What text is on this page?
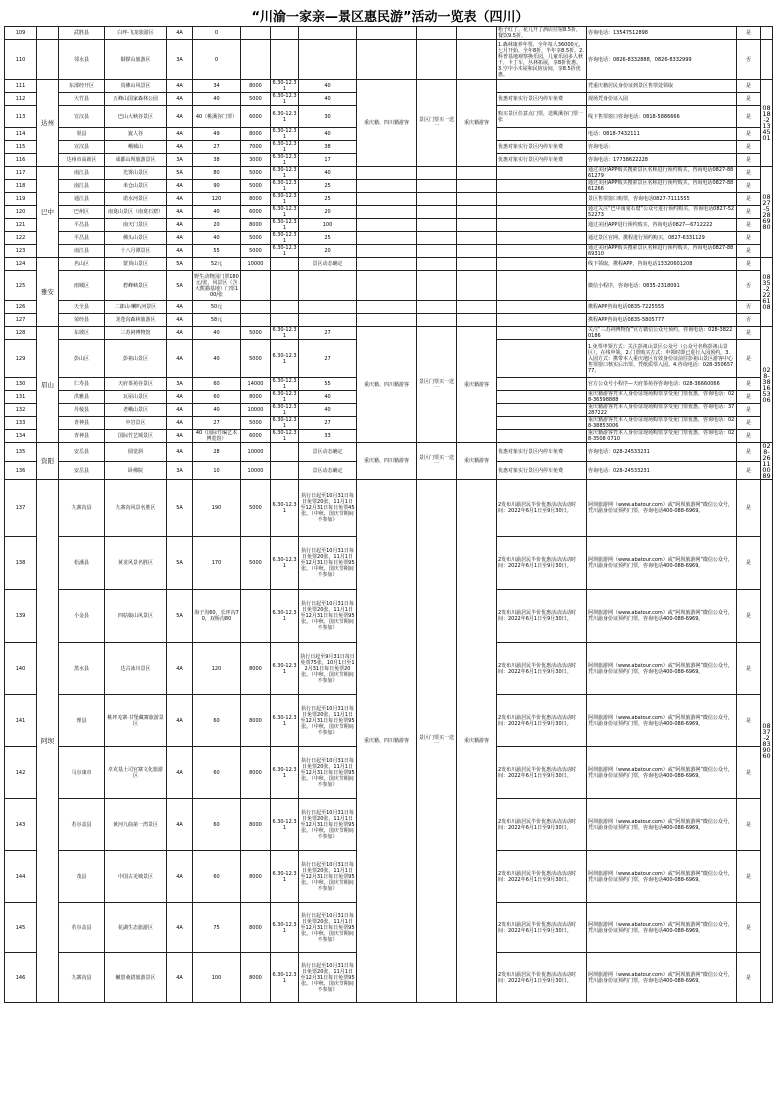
“川渝一家亲—景区惠民游”活动一览表（四川）
109		武胜县	白坪-飞龙旅游区	4A	0							梧子红了、花儿开了酒店住宿8.5折，餐饮9.5折。	咨询电话：13547512898	是	
110		邻水县	铜锣山旅游区	3A	0							1.森林康养年票，全年每人36000元，七月开始，全年8折，半年享8.5折。2.科普基地观察换乐园，儿童乐园多人秋千，卡丁车，丛林拓展，享8折优惠。3.空中小木屋和民宿房间，享8.5折优惠。	咨询电话：0826-8332888，0826-8332999	否	
111	达州	东部经开区	真佛山风景区	4A	34	8000	6.30-12.31	40	重庆籍、四川籍游客	景区门票买一送一	重庆籍游客		凭重庆籍居民身份证到景区售票处领取	是	0818-2134501
112		大竹县	五峰山国家森林公园	4A	40	5000	6.30-12.31	40				优惠对象实行景区内停车免费	现场凭身份证入园	是	
113		宣汉县	巴山大峡谷景区	4A	40（桃溪谷门票）	6000	6.30-12.31	30				购买景区任意点门票，送桃溪谷门票一张	线下售票窗口咨询电话：0818-5886666	是	
114		渠县	賨人谷	4A	49	8000	6.30-12.31	40					电话：0818-7432111	是	
115		宣汉县	峨城山	4A	27	7000	6.30-12.31	38				优惠对象实行景区内停车免费	咨询电话：	是	
116		达州市高新区	成都山坝旅游景区	3A	38	3000	6.30-12.31	17				优惠对象实行景区内停车免费	咨询电话：17738622228	是	
117	巴中	南江县	光雾山景区	5A	80	5000	6.30-12.31	40					通过美团APP购买搜索景区名称进行预约购买，咨询电话0827-8861279	是	0827-5286980
118		南江县	米仓山景区	4A	90	5000	6.30-12.31	25					通过美团APP购买搜索景区名称进行预约购买，咨询电话0827-8861266	是	
119		通江县	诺水河景区	4A	120	8000	6.30-12.31	25					景区售票窗口购票，咨询电话0827-7111555	是	
120		巴州区	南龛山景区（南龛石窟）	4A	40	6000	6.30-12.31	20					通过关注“巴中南龛石窟”公众号进行预约购买，咨询电话0827-5252273	是	
121		平昌县	南天门景区	4A	20	8000	6.30-12.31	100					通过美团APP进行预约购买，咨询电话0827—6712222	是	
122		平昌县	佛头山景区	4A	40	5000	6.30-12.31	25					通过景区官网、携程进行预约购买，0827-6331129	是	
123		南江县	十八月潭景区	4A	55	5000	6.30-12.31	20					通过美团APP购买搜索景区名称进行预约购买，咨询电话0827-8869310	是	
124	雅安	名山区	蒙顶山景区	5A	52元	10000		景区动态确定					线下领取，携程APP，咨询电话13320601208	是	0835-2226108
125		雨城区	碧峰峡景区	5A	野生动物园门票180元/张，风景区（含大熊猫基地）门票100/张								微信小程序，咨询电话：0835-2318091	否	
126		天全县	二郎山·喇叭河景区	4A	50元								携程APP咨询电话0835-7225555	否	
127		荥经县	龙苍沟森林旅游区	4A	58元								携程APP咨询电话0835-5805777	否	
128	眉山	东坡区	三苏祠博物馆	4A	40	5000	6.30-12.31	27	重庆籍、四川籍游客	景区门票买一送一	重庆籍游客		关注“三苏祠博物馆”官方微信公众号预约，咨询电话：028-38220186	是	028-38165306
129		彭山区	彭祖山景区	4A	40	5000	6.30-12.31	27					1.免票申领方式：关注彭祖山景区公众号（公众号名称彭祖山景区），在线申领。2.门票购买方式：申领时即已进行入园预约。3.入园方式：携带本人重庆地区有效身份证前往彭祖山景区游客中心售票窗口核实后出票。凭纸质票入园。4.咨询电话：028-35065777。	是	
130		仁寿县	天府茶苑谷景区	3A	60	14000	6.30-12.31	55					官方公众号小程序—天府茶苑谷咨询电话：028-36660066	是	
131		洪雅县	瓦屋山景区	4A	60	8000	6.30-12.31	40					重庆籍游客凭本人身份证现场购票享受免门票优惠，咨询电话：028-36598888	是	
132		丹棱县	老峨山景区	4A	40	10000	6.30-12.31	40					重庆籍游客凭本人身份证现场购票享受免门票优惠，咨询电话：37287222	是	
133		青神县	中岩景区	4A	27	5000	6.30-12.31	27					重庆籍游客凭本人身份证现场购票享受免门票优惠，咨询电话：028-38853006	是	
134		青神县	国际竹艺城景区	4A	40（国际竹编艺术博览馆）	6000	6.30-12.31	33					重庆籍游客凭本人身份证现场购票享受免门票优惠，咨询电话：028-3508 0710	是	
135	资阳	安岳县	圆觉洞	4A	28	10000		景区动态确定	重庆籍、四川籍游客	景区门票买一送一	重庆籍游客	优惠对象实行景区内停车免费	咨询电话：028-24533231	是	028-26110089
136		安岳县	卧佛院	3A	10	10000		景区动态确定				优惠对象实行景区内停车免费	咨询电话：028-24533231	是	
137	阿坝	九寨沟县	九寨沟风景名胜区	5A	190	5000	6.30-12.31	执行日起至10月31日每日免票20张，11月1日至12月31日每日免票45张。（中秋、国庆节期间不参加）	重庆籍、四川籍游客	景区门票买一送一	重庆籍游客	2发布川渝居民半价优惠活动活动时间：2022年6月1日至9月30日。	阿坝旅游网（www.abatour.com）或“阿坝旅游网”微信公众号，凭川渝身份证预约门票，咨询电话400-088-6969。	是	0837-2839060
138		松潘县	黄龙风景名胜区	5A	170	5000	6.30-12.31	执行日起至10月31日每日免票20张，11月1日至12月31日每日免票95张。（中秋、国庆节期间不参加）				2发布川渝居民半价优惠活动活动时间：2022年6月1日至9月30日。	阿坝旅游网（www.abatour.com）或“阿坝旅游网”微信公众号，凭川渝身份证预约门票，咨询电话400-088-6969。	是	
139		小金县	四姑娘山风景区	5A	海子沟60，长坪沟70，双桥沟80		6.30-12.31	执行日起至10月31日每日免票20张，11月1日至12月31日每日免票95张。（中秋、国庆节期间不参加）				2发布川渝居民半价优惠活动活动时间：2022年6月1日至9月30日。	阿坝旅游网（www.abatour.com）或“阿坝旅游网”微信公众号，凭川渝身份证预约门票，咨询电话400-088-6969。	是	
140		黑水县	达古冰川景区	4A	120	8000	6.30-12.31	执行日起至9月31日每日免票75张，10月1日至12月31日每日免票20张。（中秋、国庆节期间不参加）				2发布川渝居民半价优惠活动活动时间：2022年6月1日至9月30日。	阿坝旅游网（www.abatour.com）或“阿坝旅游网”微信公众号，凭川渝身份证预约门票，咨询电话400-088-6969。	是	
141		理县	桃坪羌寨·甘堡藏寨旅游景区	4A	60	8000	6.30-12.31	执行日起至10月31日每日免票20张，11月1日至12月31日每日免票95张。（中秋、国庆节期间不参加）				2发布川渝居民半价优惠活动活动时间：2022年6月1日至9月30日。	阿坝旅游网（www.abatour.com）或“阿坝旅游网”微信公众号，凭川渝身份证预约门票，咨询电话400-088-6969。	是	
142		马尔康市	卓克基土司官寨文化旅游区	4A	60	8000	6.30-12.31	执行日起至10月31日每日免票20张，11月1日至12月31日每日免票95张。（中秋、国庆节期间不参加）				2发布川渝居民半价优惠活动活动时间：2022年6月1日至9月30日。	阿坝旅游网（www.abatour.com）或“阿坝旅游网”微信公众号，凭川渝身份证预约门票，咨询电话400-088-6969。	是	
143		若尔盖县	黄河九曲第一湾景区	4A	60	8000	6.30-12.31	执行日起至10月31日每日免票20张，11月1日至12月31日每日免票95张。（中秋、国庆节期间不参加）				2发布川渝居民半价优惠活动活动时间：2022年6月1日至9月30日。	阿坝旅游网（www.abatour.com）或“阿坝旅游网”微信公众号，凭川渝身份证预约门票，咨询电话400-088-6969。	是	
144		茂县	中国古羌城景区	4A	60	8000	6.30-12.31	执行日起至10月31日每日免票20张，11月1日至12月31日每日免票95张。（中秋、国庆节期间不参加）				2发布川渝居民半价优惠活动活动时间：2022年6月1日至9月30日。	阿坝旅游网（www.abatour.com）或“阿坝旅游网”微信公众号，凭川渝身份证预约门票，咨询电话400-088-6969。	是	
145		若尔盖县	花湖生态旅游区	4A	75	8000	6.30-12.31	执行日起至10月31日每日免票20张，11月1日至12月31日每日免票95张。（中秋、国庆节期间不参加）				2发布川渝居民半价优惠活动活动时间：2022年6月1日至9月30日。	阿坝旅游网（www.abatour.com）或“阿坝旅游网”微信公众号，凭川渝身份证预约门票，咨询电话400-088-6969。	是	
146		九寨沟县	嫩恩桑措旅游景区	4A	100	8000	6.30-12.31	执行日起至10月31日每日免票20张，11月1日至12月31日每日免票95张。（中秋、国庆节期间不参加）				2发布川渝居民半价优惠活动活动时间：2022年6月1日至9月30日。	阿坝旅游网（www.abatour.com）或“阿坝旅游网”微信公众号，凭川渝身份证预约门票，咨询电话400-088-6969。	是	
